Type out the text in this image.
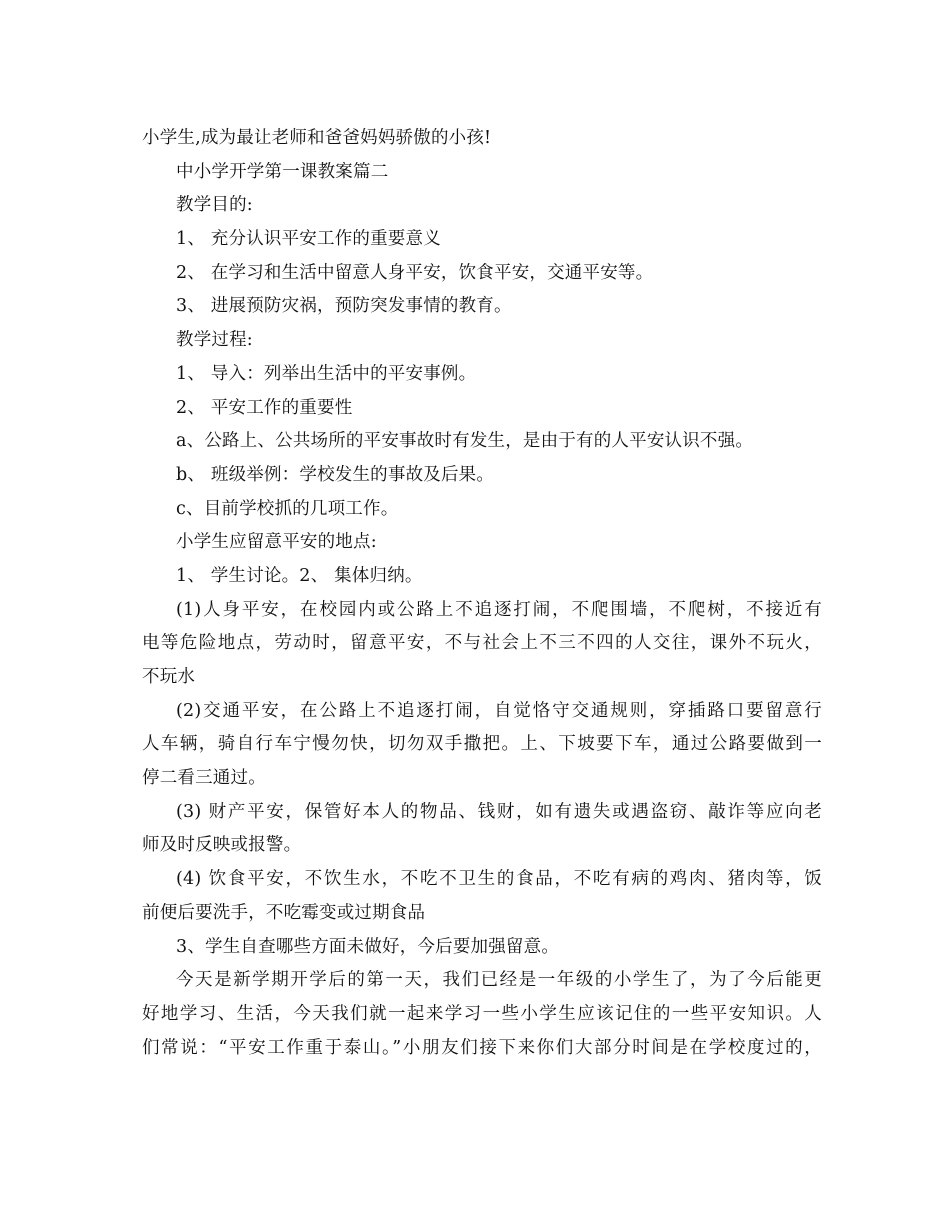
小学生,成为最让老师和爸爸妈妈骄傲的小孩!
中小学开学第一课教案篇二
教学目的:
1、 充分认识平安工作的重要意义
2、 在学习和生活中留意人身平安，饮食平安，交通平安等。
3、 进展预防灾祸，预防突发事情的教育。
教学过程:
1、 导入：列举出生活中的平安事例。
2、 平安工作的重要性
a、公路上、公共场所的平安事故时有发生，是由于有的人平安认识不强。
b、 班级举例：学校发生的事故及后果。
c、目前学校抓的几项工作。
小学生应留意平安的地点:
1、 学生讨论。2、 集体归纳。
(1)人身平安，在校园内或公路上不追逐打闹，不爬围墙，不爬树，不接近有
电等危险地点，劳动时，留意平安，不与社会上不三不四的人交往，课外不玩火，
不玩水
(2)交通平安，在公路上不追逐打闹，自觉恪守交通规则，穿插路口要留意行
人车辆，骑自行车宁慢勿快，切勿双手撒把。上、下坡要下车，通过公路要做到一
停二看三通过。
(3) 财产平安，保管好本人的物品、钱财，如有遗失或遇盗窃、敲诈等应向老
师及时反映或报警。
(4) 饮食平安，不饮生水，不吃不卫生的食品，不吃有病的鸡肉、猪肉等，饭
前便后要洗手，不吃霉变或过期食品
3、学生自查哪些方面未做好，今后要加强留意。
今天是新学期开学后的第一天，我们已经是一年级的小学生了，为了今后能更
好地学习、生活，今天我们就一起来学习一些小学生应该记住的一些平安知识。人
们常说：“平安工作重于泰山。”小朋友们接下来你们大部分时间是在学校度过的，
